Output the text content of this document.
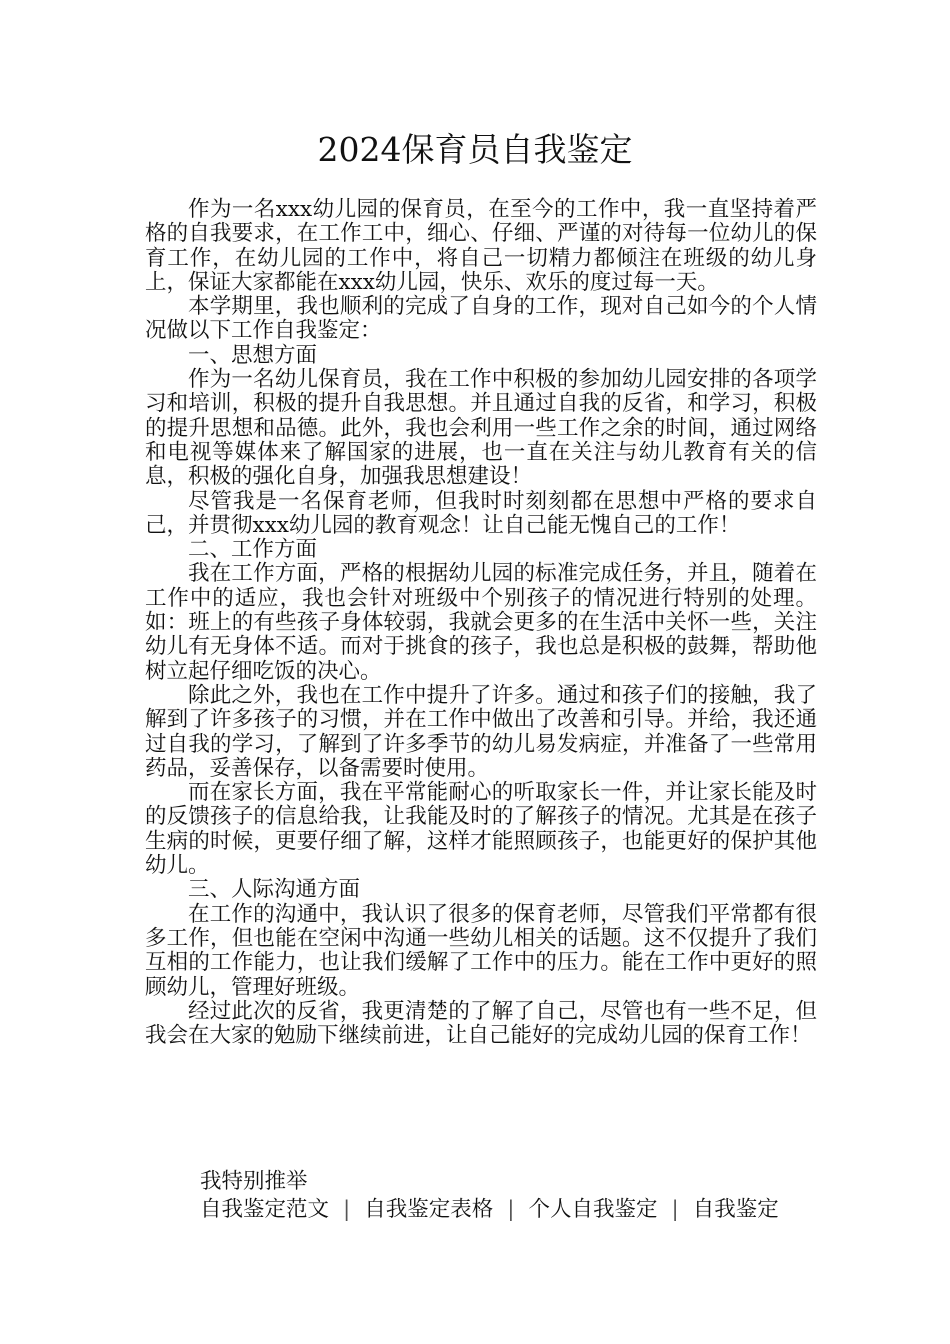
2024保育员自我鉴定

作为一名xxx幼儿园的保育员，在至今的工作中，我一直坚持着严格的自我要求，在工作工中，细心、仔细、严谨的对待每一位幼儿的保育工作，在幼儿园的工作中，将自己一切精力都倾注在班级的幼儿身上，保证大家都能在xxx幼儿园，快乐、欢乐的度过每一天。

本学期里，我也顺利的完成了自身的工作，现对自己如今的个人情况做以下工作自我鉴定：

一、思想方面

作为一名幼儿保育员，我在工作中积极的参加幼儿园安排的各项学习和培训，积极的提升自我思想。并且通过自我的反省，和学习，积极的提升思想和品德。此外，我也会利用一些工作之余的时间，通过网络和电视等媒体来了解国家的进展，也一直在关注与幼儿教育有关的信息，积极的强化自身，加强我思想建设！

尽管我是一名保育老师，但我时时刻刻都在思想中严格的要求自己，并贯彻xxx幼儿园的教育观念！让自己能无愧自己的工作！

二、工作方面

我在工作方面，严格的根据幼儿园的标准完成任务，并且，随着在工作中的适应，我也会针对班级中个别孩子的情况进行特别的处理。如：班上的有些孩子身体较弱，我就会更多的在生活中关怀一些，关注幼儿有无身体不适。而对于挑食的孩子，我也总是积极的鼓舞，帮助他树立起仔细吃饭的决心。

除此之外，我也在工作中提升了许多。通过和孩子们的接触，我了解到了许多孩子的习惯，并在工作中做出了改善和引导。并给，我还通过自我的学习，了解到了许多季节的幼儿易发病症，并准备了一些常用药品，妥善保存，以备需要时使用。

而在家长方面，我在平常能耐心的听取家长一件，并让家长能及时的反馈孩子的信息给我，让我能及时的了解孩子的情况。尤其是在孩子生病的时候，更要仔细了解，这样才能照顾孩子，也能更好的保护其他幼儿。

三、人际沟通方面

在工作的沟通中，我认识了很多的保育老师，尽管我们平常都有很多工作，但也能在空闲中沟通一些幼儿相关的话题。这不仅提升了我们互相的工作能力，也让我们缓解了工作中的压力。能在工作中更好的照顾幼儿，管理好班级。

经过此次的反省，我更清楚的了解了自己，尽管也有一些不足，但我会在大家的勉励下继续前进，让自己能好的完成幼儿园的保育工作！

我特别推举
自我鉴定范文 | 自我鉴定表格 | 个人自我鉴定 | 自我鉴定
